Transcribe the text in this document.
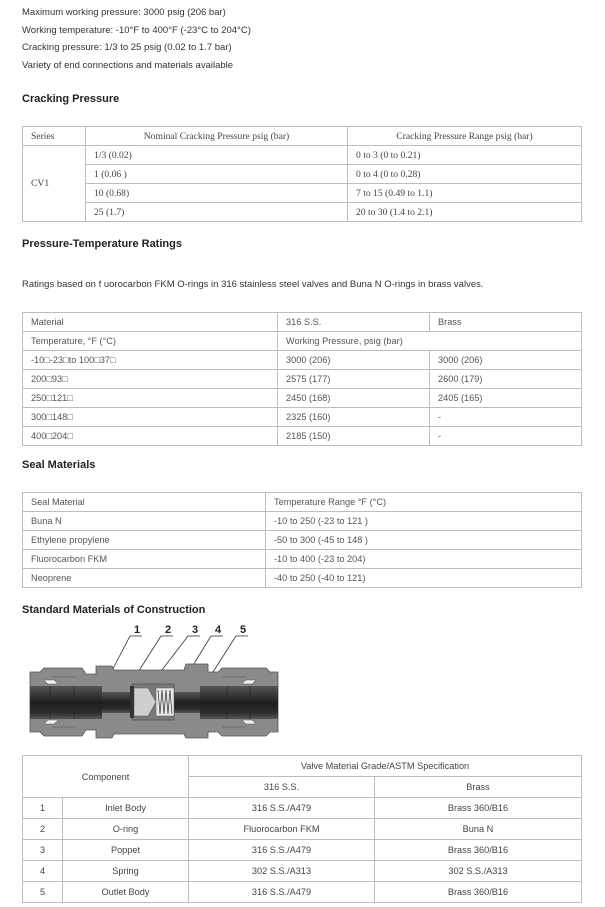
Maximum working pressure: 3000 psig (206 bar)
Working temperature: -10°F to 400°F (-23°C to 204°C)
Cracking pressure: 1/3 to 25 psig (0.02 to 1.7 bar)
Variety of end connections and materials available
Cracking Pressure
Series	Nominal Cracking Pressure psig (bar)	Cracking Pressure Range psig (bar)
CV1	1/3 (0.02)	0 to 3 (0 to 0.21)
	1 (0.06 )	0 to 4 (0 to 0.28)
	10 (0.68)	7 to 15 (0.49 to 1.1)
	25 (1.7)	20 to 30 (1.4 to 2.1)
Pressure-Temperature Ratings

Ratings based on f uorocarbon FKM O-rings in 316 stainless steel valves and Buna N O-rings in brass valves.

Material	316 S.S.	Brass
Temperature, °F (°C)	Working Pressure, psig (bar)	
-10□-23□to 100□37□	3000 (206)	3000 (206)
200□93□	2575 (177)	2600 (179)
250□121□	2450 (168)	2405 (165)
300□148□	2325 (160)	-
400□204□	2185 (150)	-
Seal Materials
Seal Material	Temperature Range °F (°C)
Buna N	-10 to 250 (-23 to 121 )
Ethylene propylene	-50 to 300 (-45 to 148 )
Fluorocarbon FKM	-10 to 400 (-23 to 204)
Neoprene	-40 to 250 (-40 to 121)
Standard Materials of Construction
1 2 3 4 5
Component		Valve Material Grade/ASTM Specification	
		316 S.S.	Brass
1	Inlet Body	316 S.S./A479	Brass 360/B16
2	O-ring	Fluorocarbon FKM	Buna N
3	Poppet	316 S.S./A479	Brass 360/B16
4	Spring	302 S.S./A313	302 S.S./A313
5	Outlet Body	316 S.S./A479	Brass 360/B16
